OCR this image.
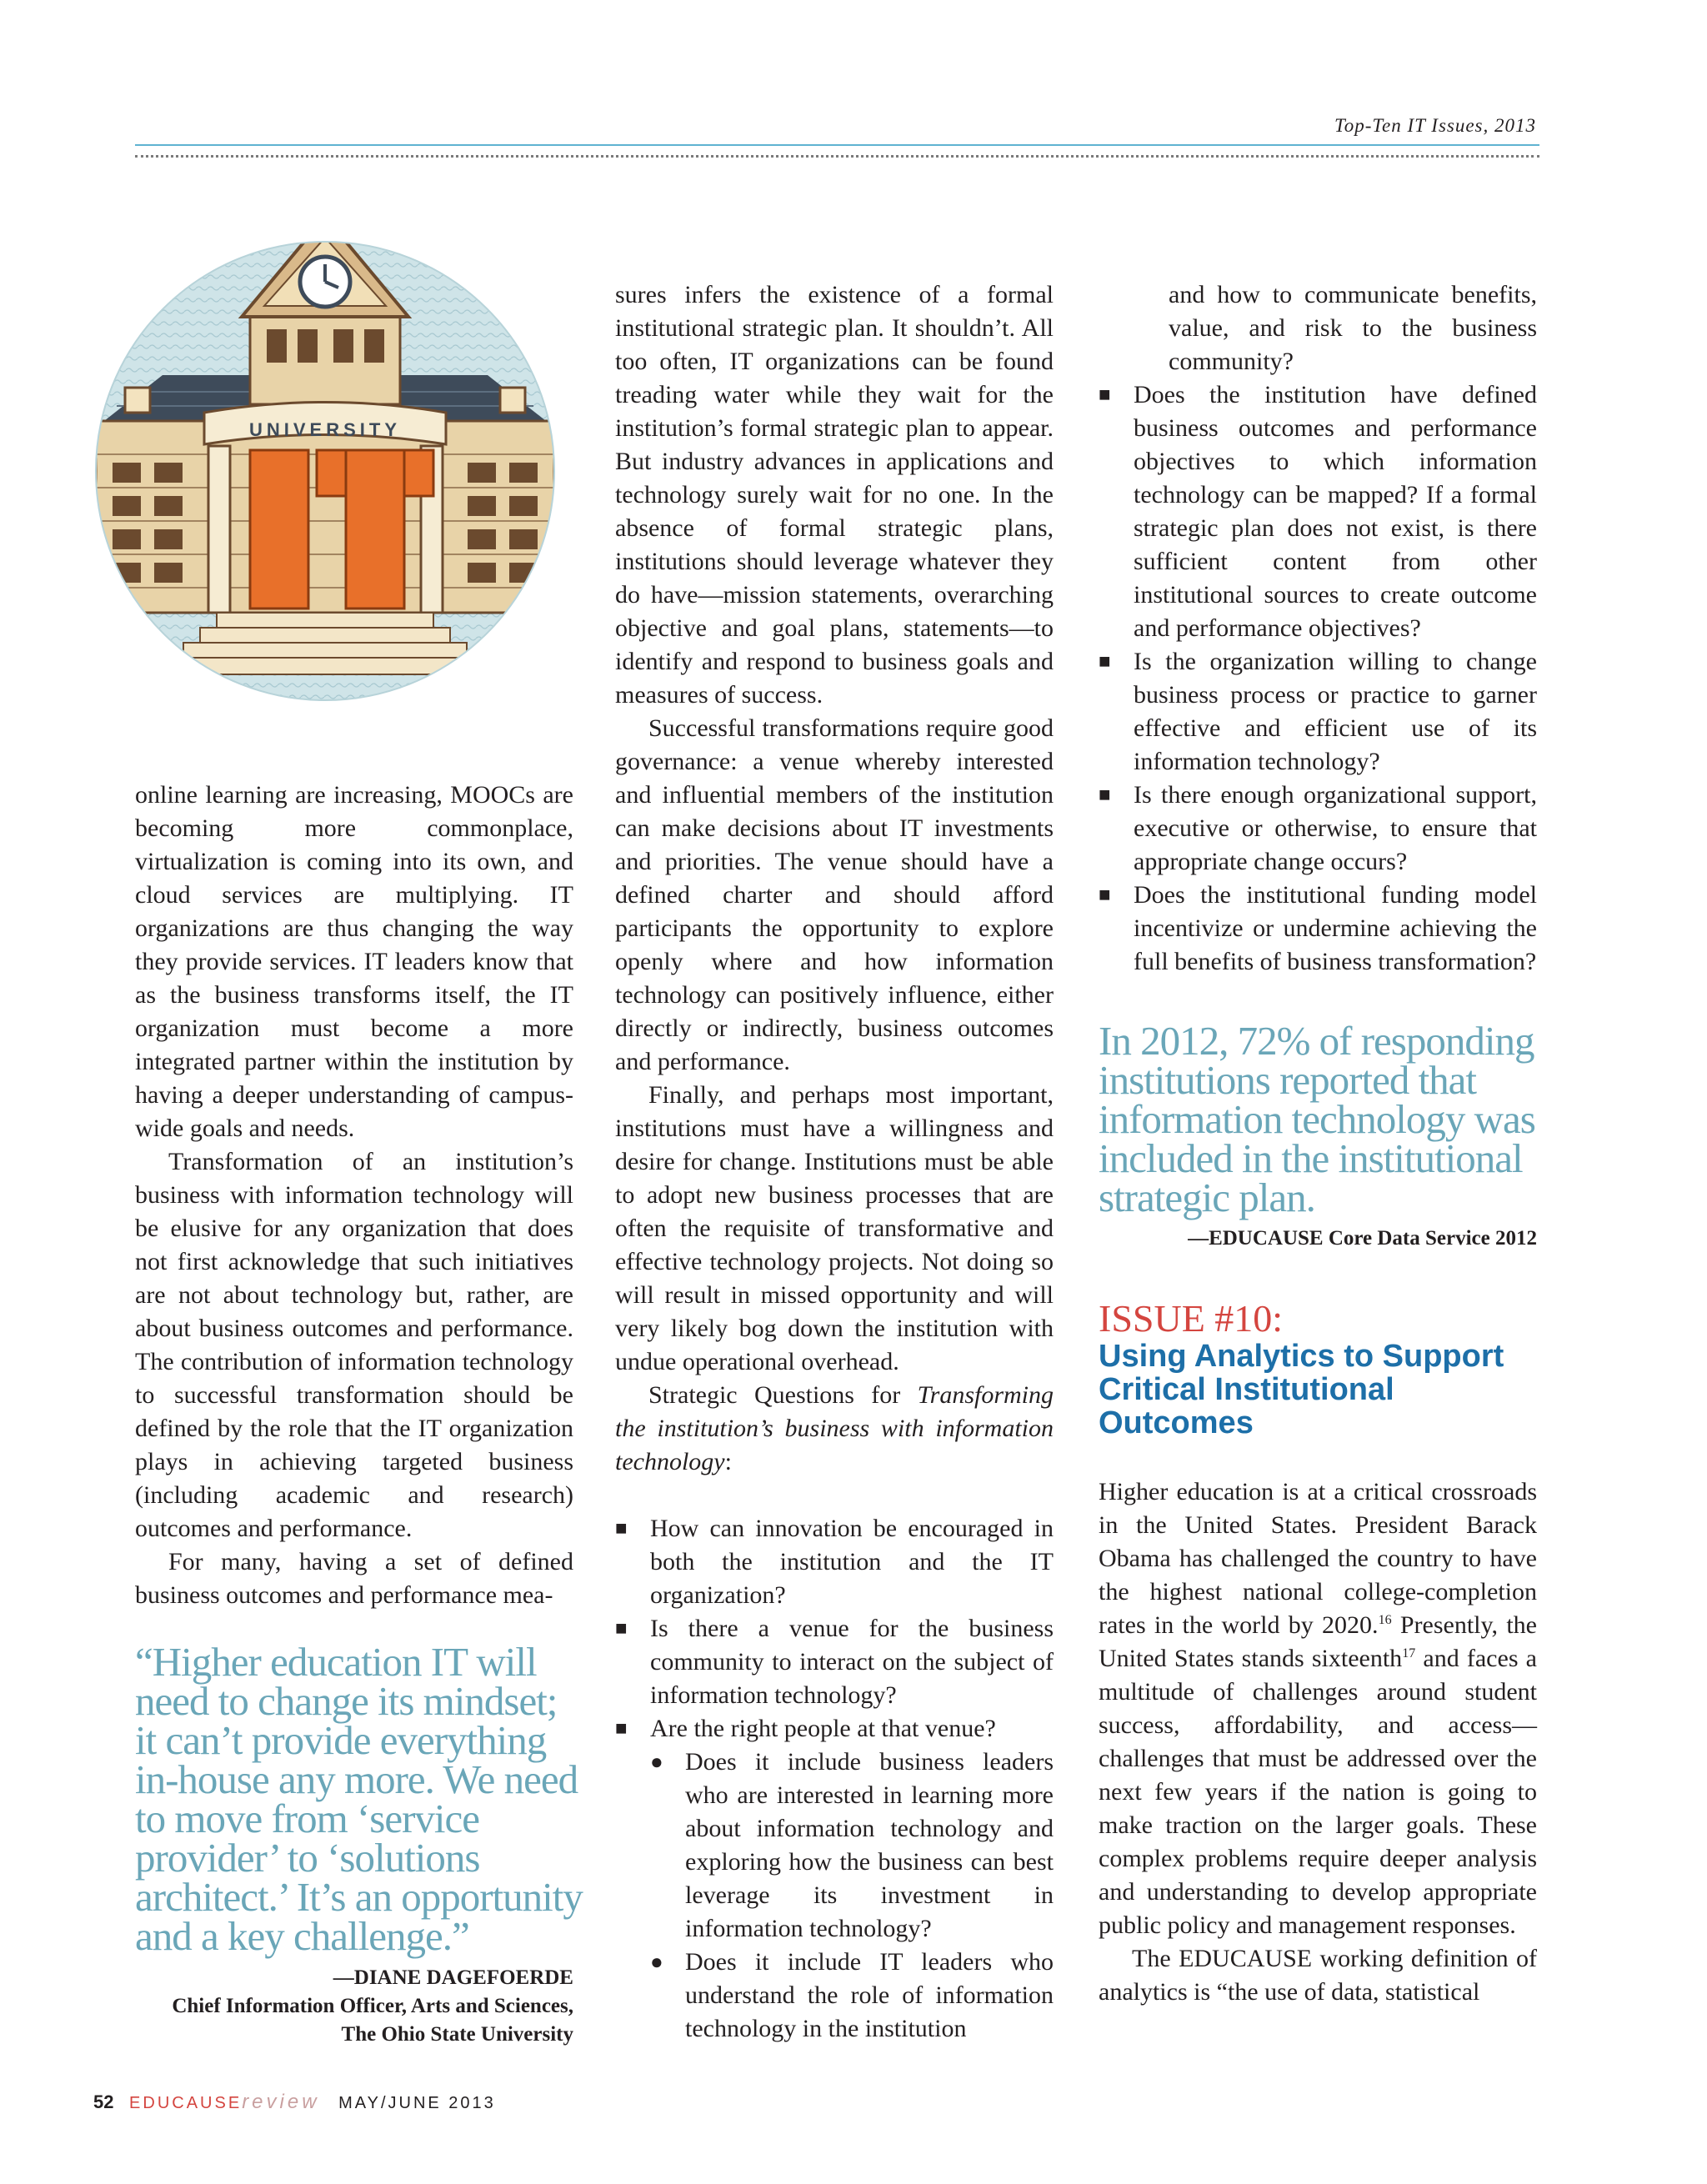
Top-Ten IT Issues, 2013
UNIVERSITY

online learning are increasing, MOOCs are becoming more commonplace, virtualization is coming into its own, and cloud services are multiplying. IT organizations are thus changing the way they provide services. IT leaders know that as the business transforms itself, the IT organization must become a more integrated partner within the institution by having a deeper understanding of campus-wide goals and needs.

Transformation of an institution’s business with information technology will be elusive for any organization that does not first acknowledge that such initiatives are not about technology but, rather, are about business outcomes and performance. The contribution of information technology to successful transformation should be defined by the role that the IT organization plays in achieving targeted business (including academic and research) outcomes and performance.

For many, having a set of defined business outcomes and performance mea-

“Higher education IT will need to change its mindset; it can’t provide everything in-house any more. We need to move from ‘service provider’ to ‘solutions architect.’ It’s an opportunity and a key challenge.”
—DIANE DAGEFOERDE
Chief Information Officer, Arts and Sciences,
The Ohio State University

sures infers the existence of a formal institutional strategic plan. It shouldn’t. All too often, IT organizations can be found treading water while they wait for the institution’s formal strategic plan to appear. But industry advances in applications and technology surely wait for no one. In the absence of formal strategic plans, institutions should leverage whatever they do have—mission statements, overarching objective and goal plans, statements—to identify and respond to business goals and measures of success.

Successful transformations require good governance: a venue whereby interested and influential members of the institution can make decisions about IT investments and priorities. The venue should have a defined charter and should afford participants the opportunity to explore openly where and how information technology can positively influence, either directly or indirectly, business outcomes and performance.

Finally, and perhaps most important, institutions must have a willingness and desire for change. Institutions must be able to adopt new business processes that are often the requisite of transformative and effective technology projects. Not doing so will result in missed opportunity and will very likely bog down the institution with undue operational overhead.

Strategic Questions for Transforming the institution’s business with information technology:

■ How can innovation be encouraged in both the institution and the IT organization?
■ Is there a venue for the business community to interact on the subject of information technology?
■ Are the right people at that venue?
● Does it include business leaders who are interested in learning more about information technology and exploring how the business can best leverage its investment in information technology?
● Does it include IT leaders who understand the role of information technology in the institution

and how to communicate benefits, value, and risk to the business community?

■ Does the institution have defined business outcomes and performance objectives to which information technology can be mapped? If a formal strategic plan does not exist, is there sufficient content from other institutional sources to create outcome and performance objectives?
■ Is the organization willing to change business process or practice to garner effective and efficient use of its information technology?
■ Is there enough organizational support, executive or otherwise, to ensure that appropriate change occurs?
■ Does the institutional funding model incentivize or undermine achieving the full benefits of business transformation?
In 2012, 72% of responding institutions reported that information technology was included in the institutional strategic plan.
—EDUCAUSE Core Data Service 2012
ISSUE #10:
Using Analytics to Support Critical Institutional Outcomes

Higher education is at a critical crossroads in the United States. President Barack Obama has challenged the country to have the highest national college-completion rates in the world by 2020.16 Presently, the United States stands sixteenth$^{17}$ and faces a multitude of challenges around student success, affordability, and access—challenges that must be addressed over the next few years if the nation is going to make traction on the larger goals. These complex problems require deeper analysis and understanding to develop appropriate public policy and management responses.

The EDUCAUSE working definition of analytics is “the use of data, statistical

52 EDUCAUSEreview MAY/JUNE 2013
